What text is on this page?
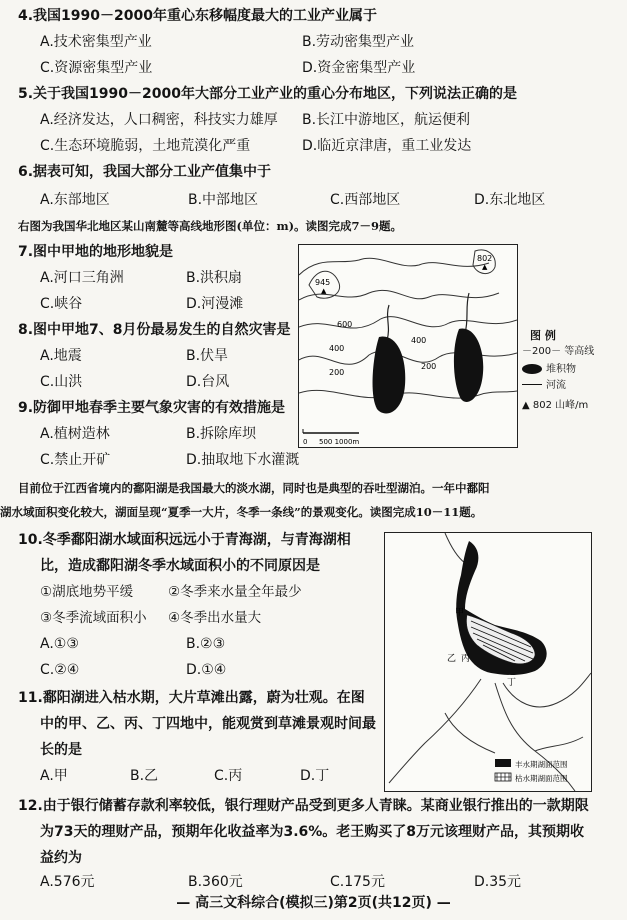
4.我国1990－2000年重心东移幅度最大的工业产业属于
A.技术密集型产业	B.劳动密集型产业
C.资源密集型产业	D.资金密集型产业
5.关于我国1990－2000年大部分工业产业的重心分布地区，下列说法正确的是
A.经济发达，人口稠密，科技实力雄厚 B.长江中游地区，航运便利
C.生态环境脆弱，土地荒漠化严重	D.临近京津唐，重工业发达
6.据表可知，我国大部分工业产值集中于
A.东部地区	B.中部地区	C.西部地区	D.东北地区
右图为我国华北地区某山南麓等高线地形图(单位：m)。读图完成7－9题。
7.图中甲地的地形地貌是
A.河口三角洲	B.洪积扇
C.峡谷	D.河漫滩
8.图中甲地7、8月份最易发生的自然灾害是
A.地震	B.伏旱
C.山洪	D.台风
9.防御甲地春季主要气象灾害的有效措施是
A.植树造林	B.拆除库坝
C.禁止开矿	D.抽取地下水灌溉
945
▲
802
▲
600
400
200
400
200
0 500 1000m
图 例
－200－ 等高线
堆积物
河流
▲ 802 山峰/m
目前位于江西省境内的鄱阳湖是我国最大的淡水湖，同时也是典型的吞吐型湖泊。一年中鄱阳
湖水域面积变化较大，湖面呈现“夏季一大片，冬季一条线”的景观变化。读图完成10－11题。
10.冬季鄱阳湖水域面积远远小于青海湖，与青海湖相
比，造成鄱阳湖冬季水域面积小的不同原因是
①湖底地势平缓	②冬季来水量全年最少
③冬季流域面积小 ④冬季出水量大
A.①③	B.②③
C.②④	D.①④
11.鄱阳湖进入枯水期，大片草滩出露，蔚为壮观。在图
中的甲、乙、丙、丁四地中，能观赏到草滩景观时间最
长的是
A.甲	B.乙	C.丙	D.丁
甲
乙 丙
丁
丰水期湖面范围
枯水期湖面范围
12.由于银行储蓄存款利率较低，银行理财产品受到更多人青睐。某商业银行推出的一款期限
为73天的理财产品，预期年化收益率为3.6%。老王购买了8万元该理财产品，其预期收
益约为
A.576元	B.360元	C.175元	D.35元
— 高三文科综合(模拟三)第2页(共12页) —
